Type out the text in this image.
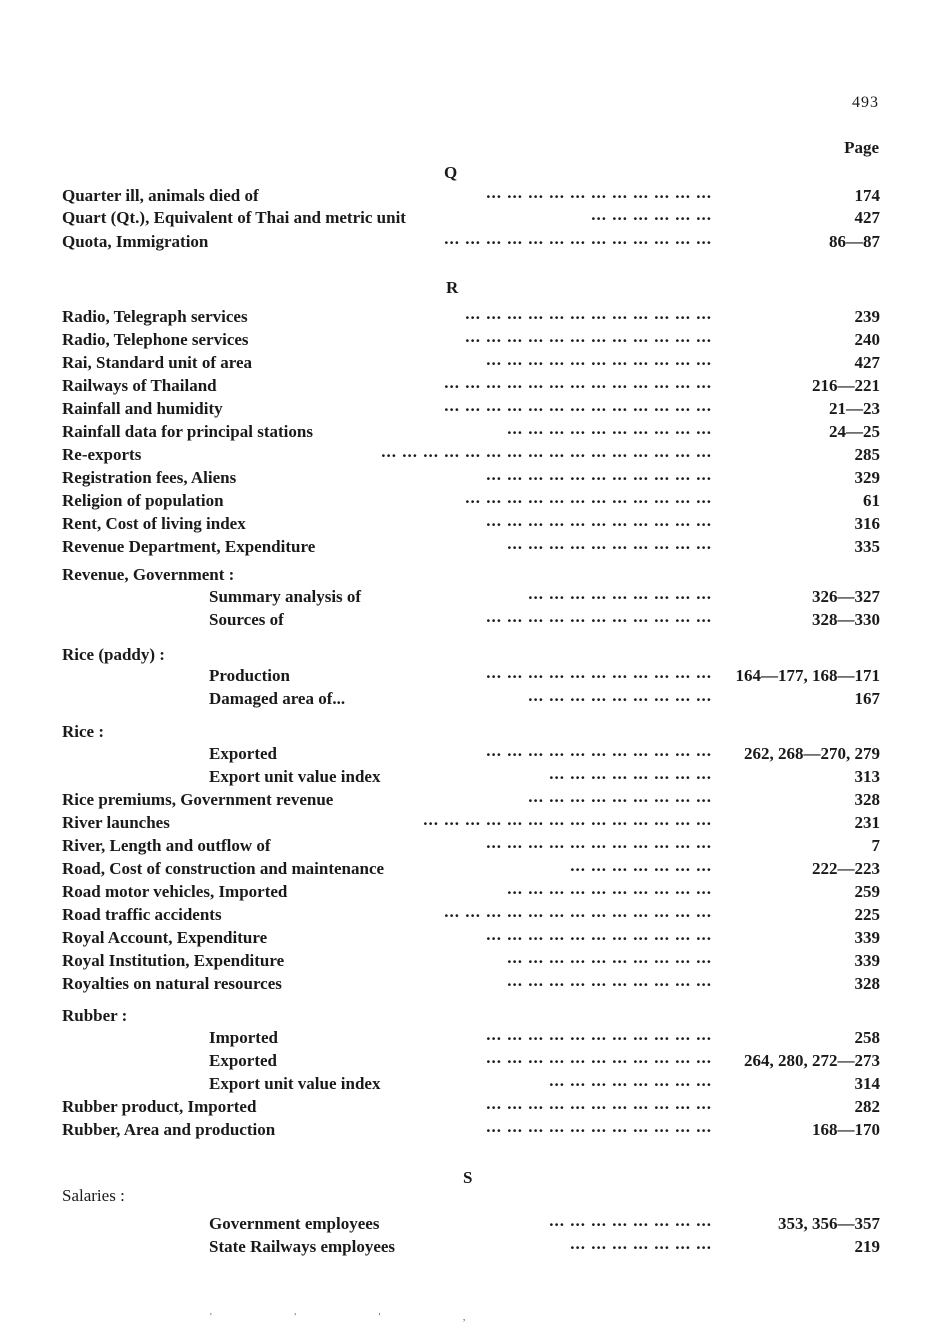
493
Page
Q
R
S
Quarter ill, animals died of	... ... ... ... ... ... ... ... ... ... ...	174
Quart (Qt.), Equivalent of Thai and metric unit	... ... ... ... ... ...	427
Quota, Immigration	... ... ... ... ... ... ... ... ... ... ... ... ...	86—87
Radio, Telegraph services	... ... ... ... ... ... ... ... ... ... ... ...	239
Radio, Telephone services	... ... ... ... ... ... ... ... ... ... ... ...	240
Rai, Standard unit of area	... ... ... ... ... ... ... ... ... ... ...	427
Railways of Thailand	... ... ... ... ... ... ... ... ... ... ... ... ...	216—221
Rainfall and humidity	... ... ... ... ... ... ... ... ... ... ... ... ...	21—23
Rainfall data for principal stations	... ... ... ... ... ... ... ... ... ...	24—25
Re-exports	... ... ... ... ... ... ... ... ... ... ... ... ... ... ... ...	285
Registration fees, Aliens	... ... ... ... ... ... ... ... ... ... ...	329
Religion of population	... ... ... ... ... ... ... ... ... ... ... ...	61
Rent, Cost of living index	... ... ... ... ... ... ... ... ... ... ...	316
Revenue Department, Expenditure	... ... ... ... ... ... ... ... ... ...	335
Revenue, Government :
Summary analysis of	... ... ... ... ... ... ... ... ...	326—327
Sources of	... ... ... ... ... ... ... ... ... ... ...	328—330
Rice (paddy) :
Production	... ... ... ... ... ... ... ... ... ... ... 164—177, 168—171
Damaged area of...	... ... ... ... ... ... ... ... ...	167
Rice :
Exported	... ... ... ... ... ... ... ... ... ... ... 262, 268—270, 279
Export unit value index	... ... ... ... ... ... ... ...	313
Rice premiums, Government revenue	... ... ... ... ... ... ... ... ...	328
River launches	... ... ... ... ... ... ... ... ... ... ... ... ... ...	231
River, Length and outflow of	... ... ... ... ... ... ... ... ... ... ...	7
Road, Cost of construction and maintenance	... ... ... ... ... ... ...	222—223
Road motor vehicles, Imported	... ... ... ... ... ... ... ... ... ...	259
Road traffic accidents	... ... ... ... ... ... ... ... ... ... ... ... ...	225
Royal Account, Expenditure	... ... ... ... ... ... ... ... ... ... ...	339
Royal Institution, Expenditure	... ... ... ... ... ... ... ... ... ...	339
Royalties on natural resources	... ... ... ... ... ... ... ... ... ...	328
Rubber :
Imported	... ... ... ... ... ... ... ... ... ... ...	258
Exported	... ... ... ... ... ... ... ... ... ... ... 264, 280, 272—273
Export unit value index	... ... ... ... ... ... ... ...	314
Rubber product, Imported	... ... ... ... ... ... ... ... ... ... ...	282
Rubber, Area and production	... ... ... ... ... ... ... ... ... ... ...	168—170
Salaries :
Government employees	... ... ... ... ... ... ... ...	353, 356—357
State Railways employees	... ... ... ... ... ... ...	219
' ' ' ,
